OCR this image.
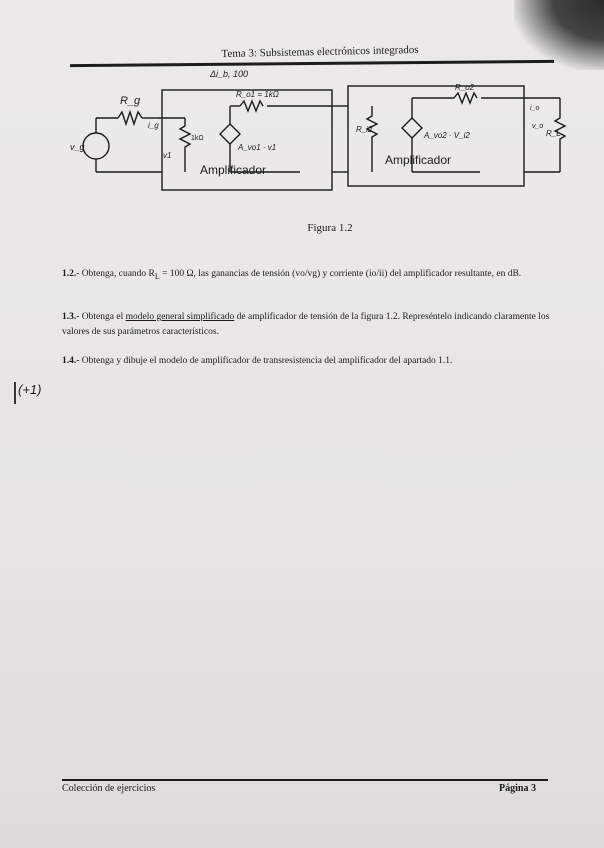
Tema 3: Subsistemas electrónicos integrados
Δi_b, 100
R_g
i_g
v_g
v1
1kΩ
R_o1 = 1kΩ
A_vo1 · v1
Amplificador
R_i2
R_o2
A_vo2 · V_i2
Amplificador
R_L
i_o
v_o
Figura 1.2
1.2.- Obtenga, cuando $R_L = 100$ Ω, las ganancias de tensión (vo/vg) y corriente (io/ii) del amplificador resultante, en dB.
1.3.- Obtenga el modelo general simplificado de amplificador de tensión de la figura 1.2. Represéntelo indicando claramente los valores de sus parámetros característicos.
1.4.- Obtenga y dibuje el modelo de amplificador de transresistencia del amplificador del apartado 1.1.
(+1)
Colección de ejercicios	Página 3
